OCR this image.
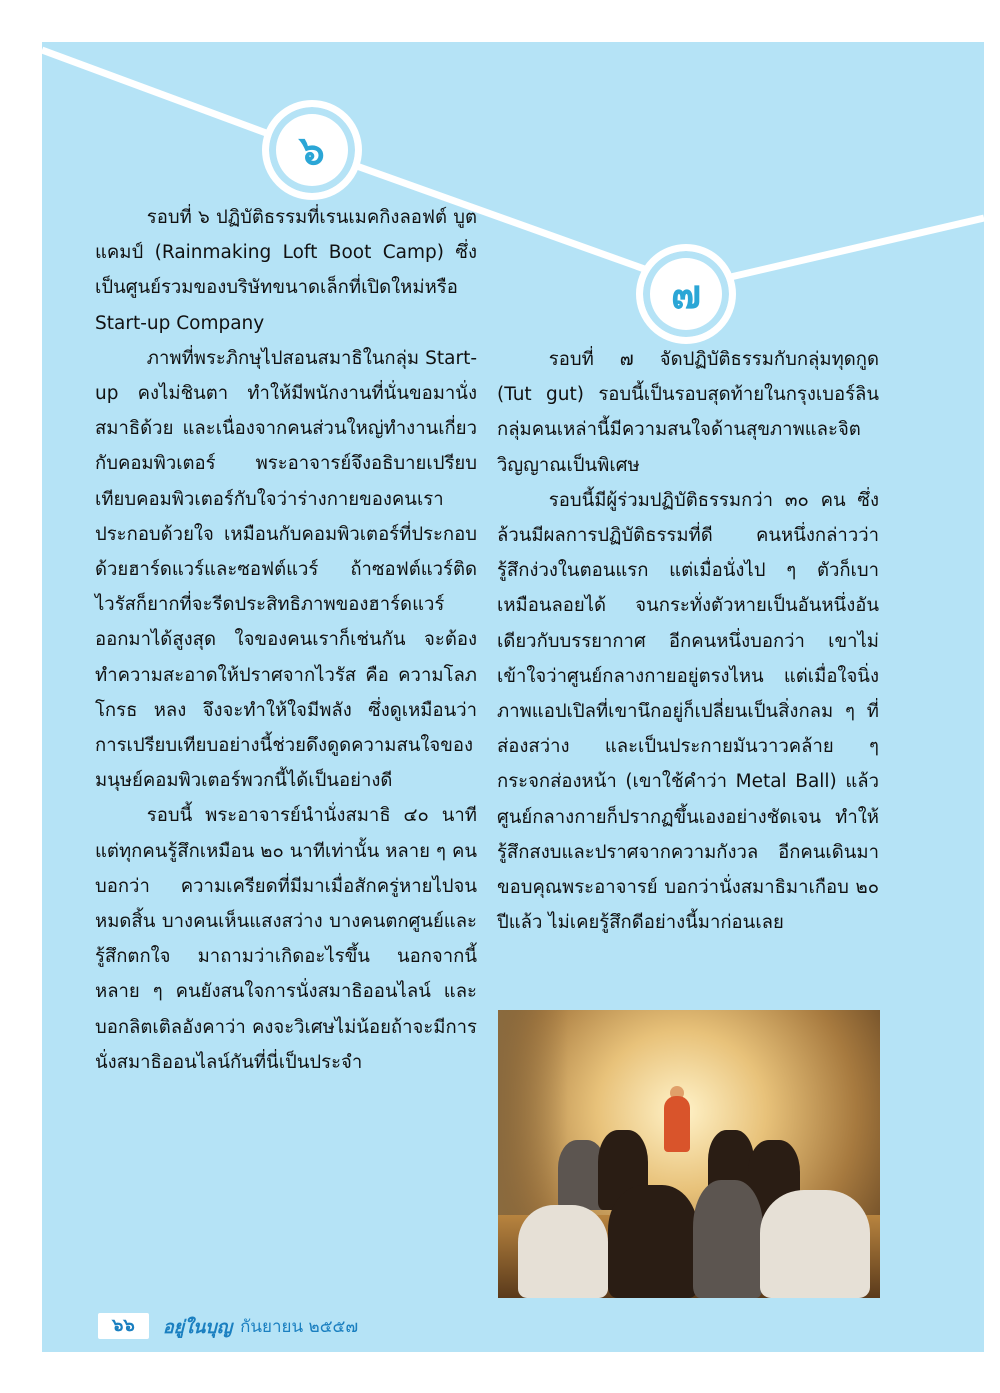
๖
๗

รอบที่ ๖ ปฏิบัติธรรมที่เรนเมคกิงลอฟต์ บูตแคมป์ (Rainmaking Loft Boot Camp) ซึ่งเป็นศูนย์รวมของบริษัทขนาดเล็กที่เปิดใหม่หรือ Start-up Company

ภาพที่พระภิกษุไปสอนสมาธิในกลุ่ม Start-up คงไม่ชินตา ทำให้มีพนักงานที่นั่นขอมานั่งสมาธิด้วย และเนื่องจากคนส่วนใหญ่ทำงานเกี่ยวกับคอมพิวเตอร์ พระอาจารย์จึงอธิบายเปรียบเทียบคอมพิวเตอร์กับใจว่าร่างกายของคนเราประกอบด้วยใจ เหมือนกับคอมพิวเตอร์ที่ประกอบด้วยฮาร์ดแวร์และซอฟต์แวร์ ถ้าซอฟต์แวร์ติดไวรัสก็ยากที่จะรีดประสิทธิภาพของฮาร์ดแวร์ออกมาได้สูงสุด ใจของคนเราก็เช่นกัน จะต้องทำความสะอาดให้ปราศจากไวรัส คือ ความโลภ โกรธ หลง จึงจะทำให้ใจมีพลัง ซึ่งดูเหมือนว่า การเปรียบเทียบอย่างนี้ช่วยดึงดูดความสนใจของมนุษย์คอมพิวเตอร์พวกนี้ได้เป็นอย่างดี

รอบนี้ พระอาจารย์นำนั่งสมาธิ ๔๐ นาที แต่ทุกคนรู้สึกเหมือน ๒๐ นาทีเท่านั้น หลาย ๆ คนบอกว่า ความเครียดที่มีมาเมื่อสักครู่หายไปจนหมดสิ้น บางคนเห็นแสงสว่าง บางคนตกศูนย์และรู้สึกตกใจ มาถามว่าเกิดอะไรขึ้น นอกจากนี้ หลาย ๆ คนยังสนใจการนั่งสมาธิออนไลน์ และบอกลิตเติลอังคาว่า คงจะวิเศษไม่น้อยถ้าจะมีการนั่งสมาธิออนไลน์กันที่นี่เป็นประจำ

รอบที่ ๗ จัดปฏิบัติธรรมกับกลุ่มทุดกูด (Tut gut) รอบนี้เป็นรอบสุดท้ายในกรุงเบอร์ลิน กลุ่มคนเหล่านี้มีความสนใจด้านสุขภาพและจิตวิญญาณเป็นพิเศษ

รอบนี้มีผู้ร่วมปฏิบัติธรรมกว่า ๓๐ คน ซึ่งล้วนมีผลการปฏิบัติธรรมที่ดี คนหนึ่งกล่าวว่า รู้สึกง่วงในตอนแรก แต่เมื่อนั่งไป ๆ ตัวก็เบาเหมือนลอยได้ จนกระทั่งตัวหายเป็นอันหนึ่งอันเดียวกับบรรยากาศ อีกคนหนึ่งบอกว่า เขาไม่เข้าใจว่าศูนย์กลางกายอยู่ตรงไหน แต่เมื่อใจนิ่ง ภาพแอปเปิลที่เขานึกอยู่ก็เปลี่ยนเป็นสิ่งกลม ๆ ที่ส่องสว่าง และเป็นประกายมันวาวคล้าย ๆ กระจกส่องหน้า (เขาใช้คำว่า Metal Ball) แล้วศูนย์กลางกายก็ปรากฏขึ้นเองอย่างชัดเจน ทำให้รู้สึกสงบและปราศจากความกังวล อีกคนเดินมาขอบคุณพระอาจารย์ บอกว่านั่งสมาธิมาเกือบ ๒๐ ปีแล้ว ไม่เคยรู้สึกดีอย่างนี้มาก่อนเลย

๖๖	อยู่ในบุญ กันยายน ๒๕๕๗
